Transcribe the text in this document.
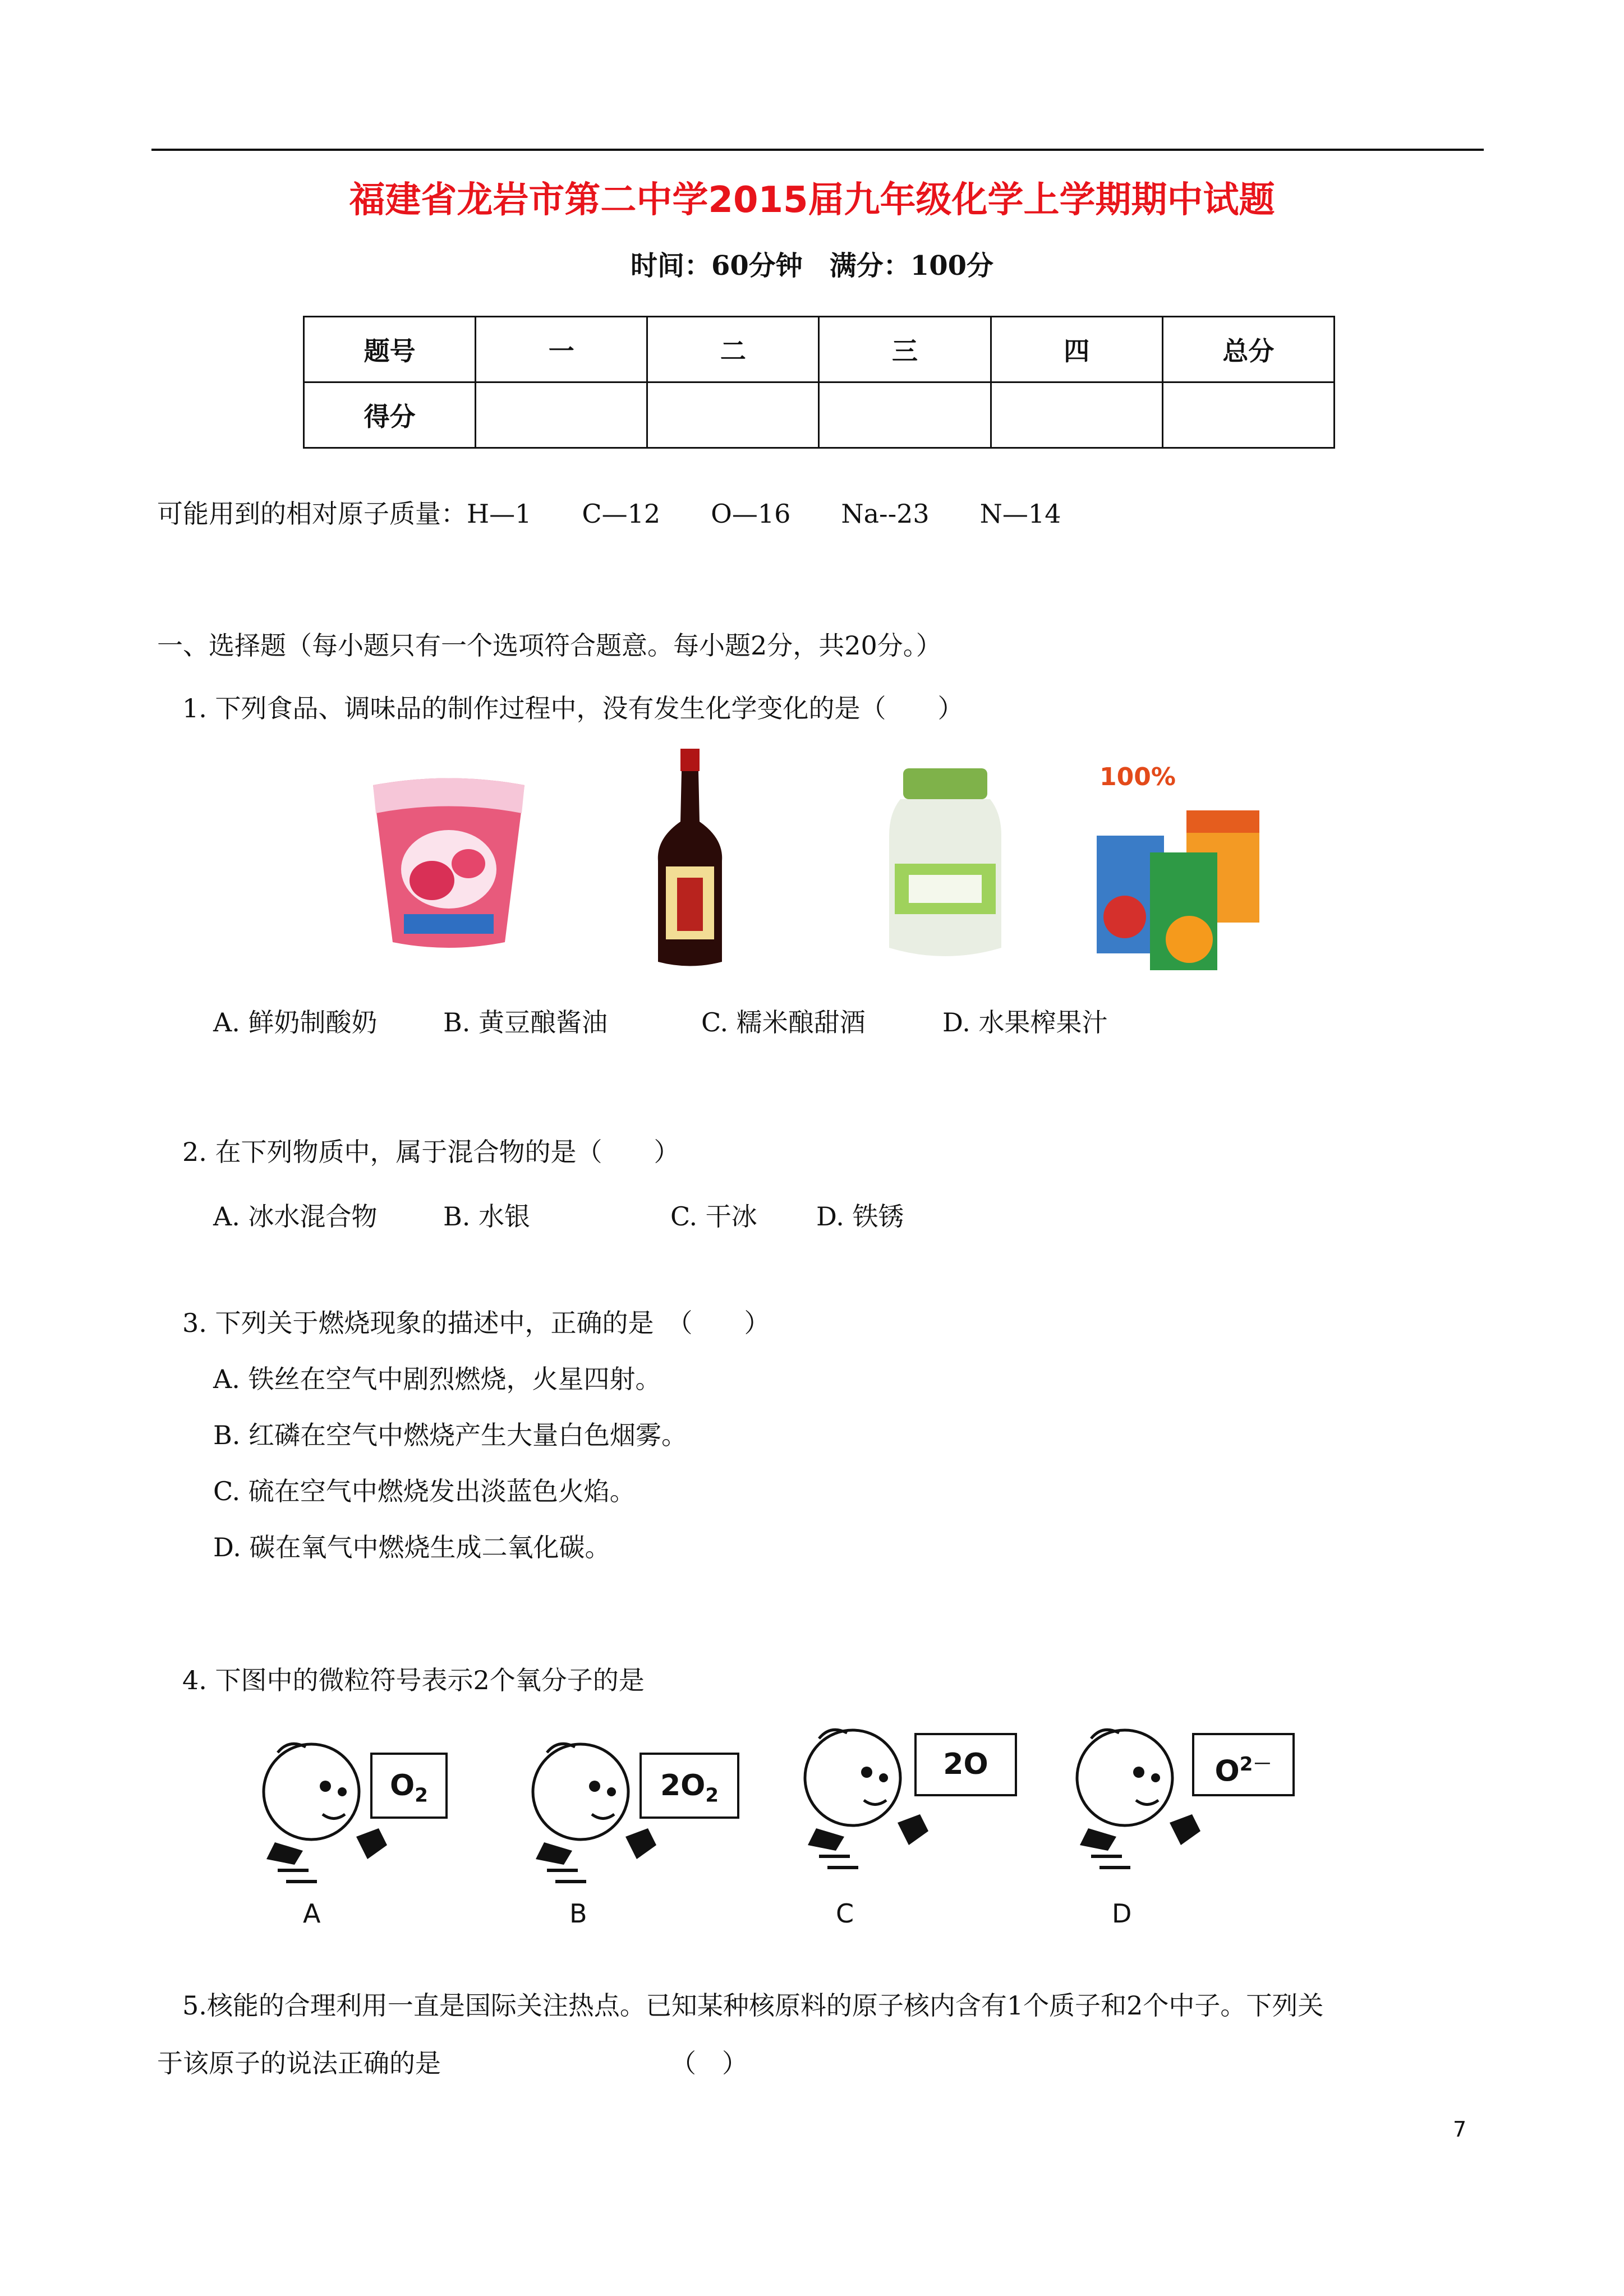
福建省龙岩市第二中学2015届九年级化学上学期期中试题
时间：60分钟　满分：100分
题号	一	二	三	四	总分
得分					
可能用到的相对原子质量：H—1 C—12 O—16 Na--23 N—14
一、选择题（每小题只有一个选项符合题意。每小题2分，共20分。）
1. 下列食品、调味品的制作过程中，没有发生化学变化的是（　　）
100%
A. 鲜奶制酸奶	B. 黄豆酿酱油	C. 糯米酿甜酒	D. 水果榨果汁
2. 在下列物质中，属于混合物的是（　　）
A. 冰水混合物	B. 水银	C. 干冰 D. 铁锈
3. 下列关于燃烧现象的描述中，正确的是　（　　）
A. 铁丝在空气中剧烈燃烧，火星四射。
B. 红磷在空气中燃烧产生大量白色烟雾。
C. 硫在空气中燃烧发出淡蓝色火焰。
D. 碳在氧气中燃烧生成二氧化碳。
4. 下图中的微粒符号表示2个氧分子的是
$O_2$	$2O_2$
2O	$O^{2-}$
A	B	C	D
5.核能的合理利用一直是国际关注热点。已知某种核原料的原子核内含有1个质子和2个中子。下列关
于该原子的说法正确的是	（　）
7
